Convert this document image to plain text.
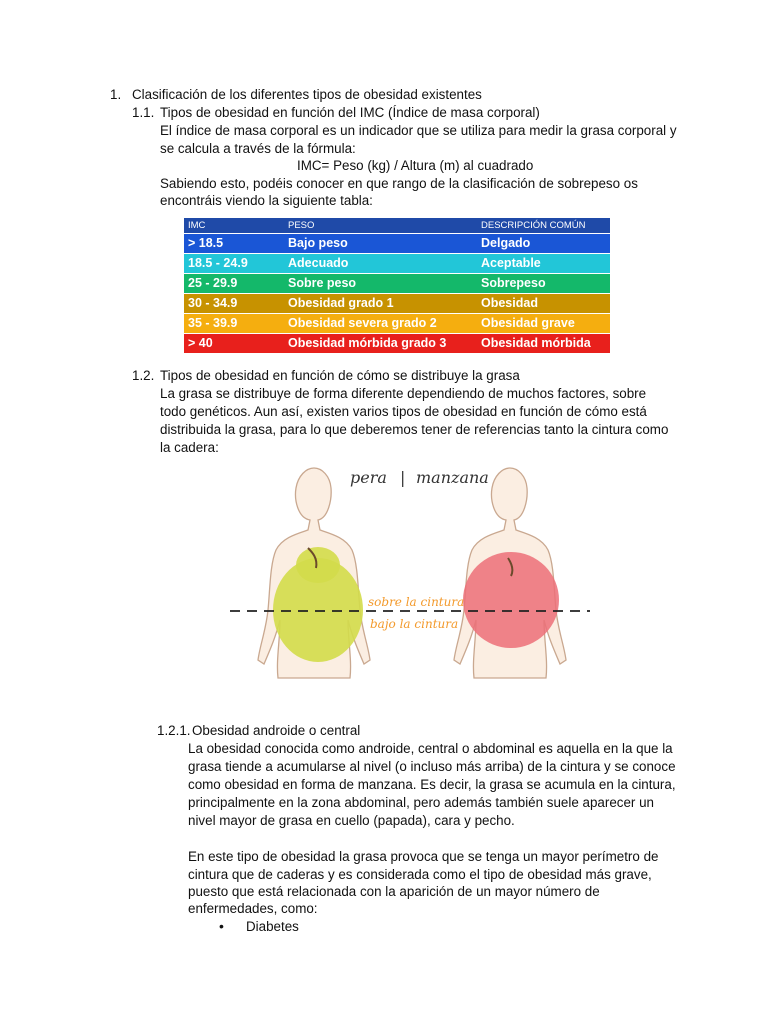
1. Clasificación de los diferentes tipos de obesidad existentes
1.1. Tipos de obesidad en función del IMC (Índice de masa corporal)
El índice de masa corporal es un indicador que se utiliza para medir la grasa corporal y
se calcula a través de la fórmula:
IMC= Peso (kg) / Altura (m) al cuadrado
Sabiendo esto, podéis conocer en que rango de la clasificación de sobrepeso os
encontráis viendo la siguiente tabla:
IMC	PESO	DESCRIPCIÓN COMÚN
> 18.5	Bajo peso	Delgado
18.5 - 24.9	Adecuado	Aceptable
25 - 29.9	Sobre peso	Sobrepeso
30 - 34.9	Obesidad grado 1	Obesidad
35 - 39.9	Obesidad severa grado 2	Obesidad grave
> 40	Obesidad mórbida grado 3	Obesidad mórbida
1.2. Tipos de obesidad en función de cómo se distribuye la grasa
La grasa se distribuye de forma diferente dependiendo de muchos factores, sobre
todo genéticos. Aun así, existen varios tipos de obesidad en función de cómo está
distribuida la grasa, para lo que deberemos tener de referencias tanto la cintura como
la cadera:
pera | manzana
sobre la cintura
bajo la cintura
1.2.1. Obesidad androide o central
La obesidad conocida como androide, central o abdominal es aquella en la que la
grasa tiende a acumularse al nivel (o incluso más arriba) de la cintura y se conoce
como obesidad en forma de manzana. Es decir, la grasa se acumula en la cintura,
principalmente en la zona abdominal, pero además también suele aparecer un
nivel mayor de grasa en cuello (papada), cara y pecho.
En este tipo de obesidad la grasa provoca que se tenga un mayor perímetro de
cintura que de caderas y es considerada como el tipo de obesidad más grave,
puesto que está relacionada con la aparición de un mayor número de
enfermedades, como:
• Diabetes
